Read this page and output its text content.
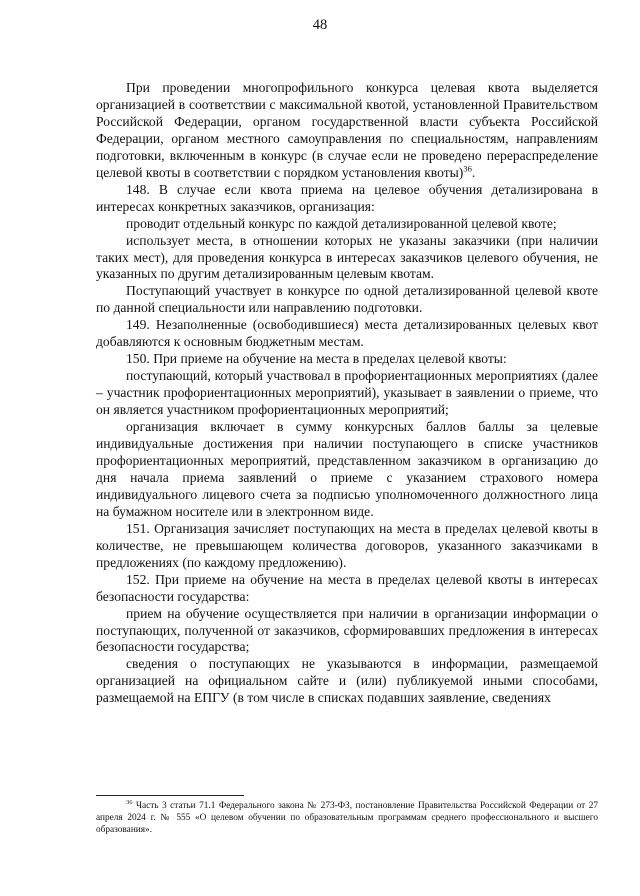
48

При проведении многопрофильного конкурса целевая квота выделяется организацией в соответствии с максимальной квотой, установленной Правительством Российской Федерации, органом государственной власти субъекта Российской Федерации, органом местного самоуправления по специальностям, направлениям подготовки, включенным в конкурс (в случае если не проведено перераспределение целевой квоты в соответствии с порядком установления квоты)$^{36}$.

148. В случае если квота приема на целевое обучения детализирована в интересах конкретных заказчиков, организация:

проводит отдельный конкурс по каждой детализированной целевой квоте;

использует места, в отношении которых не указаны заказчики (при наличии таких мест), для проведения конкурса в интересах заказчиков целевого обучения, не указанных по другим детализированным целевым квотам.

Поступающий участвует в конкурсе по одной детализированной целевой квоте по данной специальности или направлению подготовки.

149. Незаполненные (освободившиеся) места детализированных целевых квот добавляются к основным бюджетным местам.

150. При приеме на обучение на места в пределах целевой квоты:

поступающий, который участвовал в профориентационных мероприятиях (далее – участник профориентационных мероприятий), указывает в заявлении о приеме, что он является участником профориентационных мероприятий;

организация включает в сумму конкурсных баллов баллы за целевые индивидуальные достижения при наличии поступающего в списке участников профориентационных мероприятий, представленном заказчиком в организацию до дня начала приема заявлений о приеме с указанием страхового номера индивидуального лицевого счета за подписью уполномоченного должностного лица на бумажном носителе или в электронном виде.

151. Организация зачисляет поступающих на места в пределах целевой квоты в количестве, не превышающем количества договоров, указанного заказчиками в предложениях (по каждому предложению).

152. При приеме на обучение на места в пределах целевой квоты в интересах безопасности государства:

прием на обучение осуществляется при наличии в организации информации о поступающих, полученной от заказчиков, сформировавших предложения в интересах безопасности государства;

сведения о поступающих не указываются в информации, размещаемой организацией на официальном сайте и (или) публикуемой иными способами, размещаемой на ЕПГУ (в том числе в списках подавших заявление, сведениях

$^{36}$ Часть 3 статьи 71.1 Федерального закона № 273-ФЗ, постановление Правительства Российской Федерации от 27 апреля 2024 г. № 555 «О целевом обучении по образовательным программам среднего профессионального и высшего образования».
